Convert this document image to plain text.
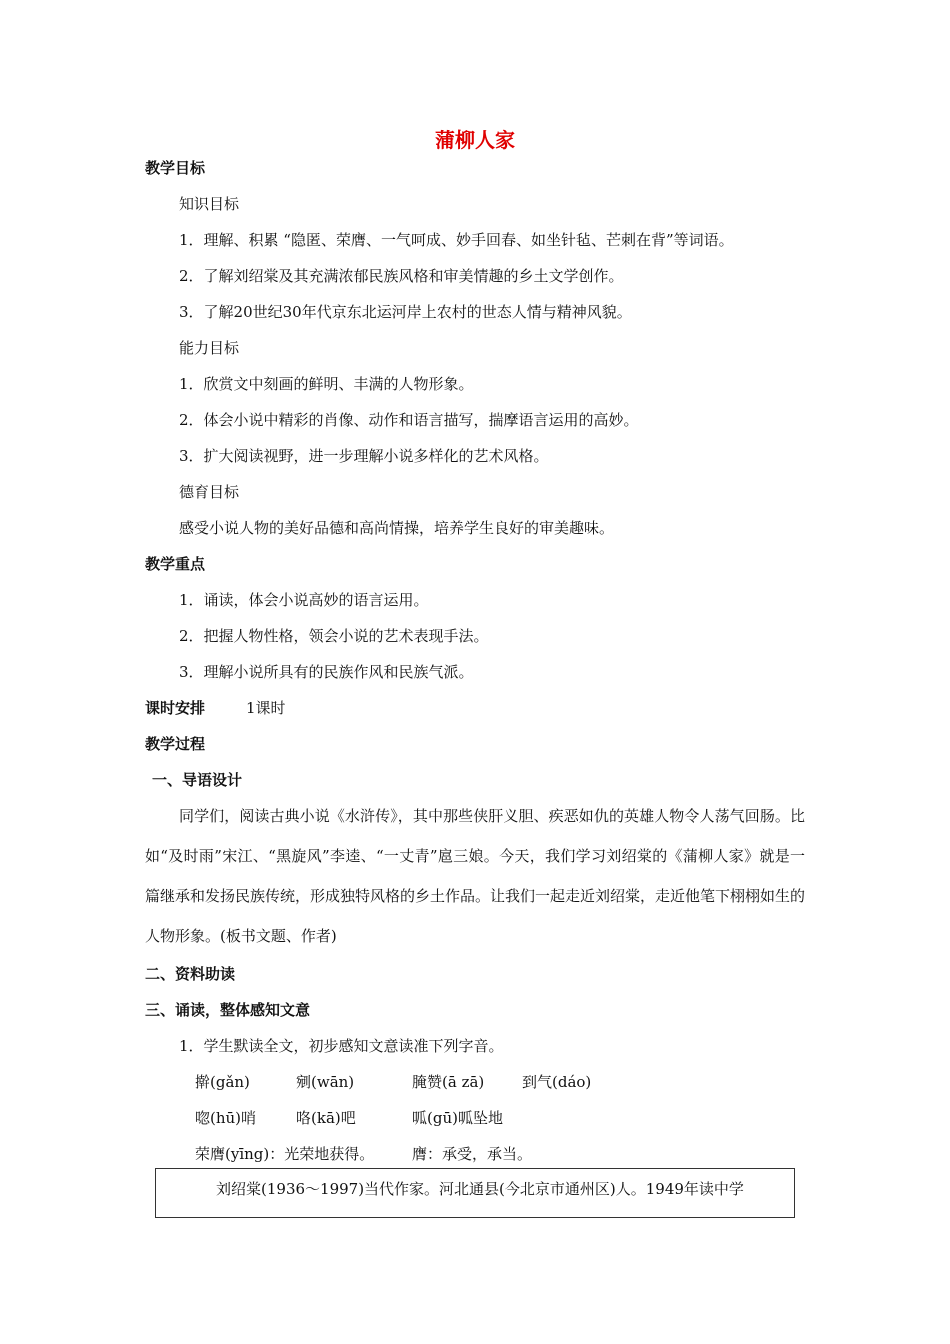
蒲柳人家
教学目标
知识目标
1．理解、积累 “隐匿、荣膺、一气呵成、妙手回春、如坐针毡、芒刺在背”等词语。
2．了解刘绍棠及其充满浓郁民族风格和审美情趣的乡土文学创作。
3．了解20世纪30年代京东北运河岸上农村的世态人情与精神风貌。
能力目标
1．欣赏文中刻画的鲜明、丰满的人物形象。
2．体会小说中精彩的肖像、动作和语言描写，揣摩语言运用的高妙。
3．扩大阅读视野，进一步理解小说多样化的艺术风格。
德育目标
感受小说人物的美好品德和高尚情操，培养学生良好的审美趣味。
教学重点
1．诵读，体会小说高妙的语言运用。
2．把握人物性格，领会小说的艺术表现手法。
3．理解小说所具有的民族作风和民族气派。
课时安排	1课时
教学过程
一、导语设计
同学们，阅读古典小说《水浒传》，其中那些侠肝义胆、疾恶如仇的英雄人物令人荡气回肠。比如“及时雨”宋江、“黑旋风”李逵、“一丈青”扈三娘。今天，我们学习刘绍棠的《蒲柳人家》就是一篇继承和发扬民族传统，形成独特风格的乡土作品。让我们一起走近刘绍棠，走近他笔下栩栩如生的人物形象。(板书文题、作者)
二、资料助读
三、诵读，整体感知文意
1．学生默读全文，初步感知文意读准下列字音。
擀(gǎn)	剜(wān)	腌赞(ā zā)	到气(dáo)
唿(hū)哨	咯(kā)吧	呱(gū)呱坠地
荣膺(yīng)：光荣地获得。	膺：承受，承当。
刘绍棠(1936～1997)当代作家。河北通县(今北京市通州区)人。1949年读中学
